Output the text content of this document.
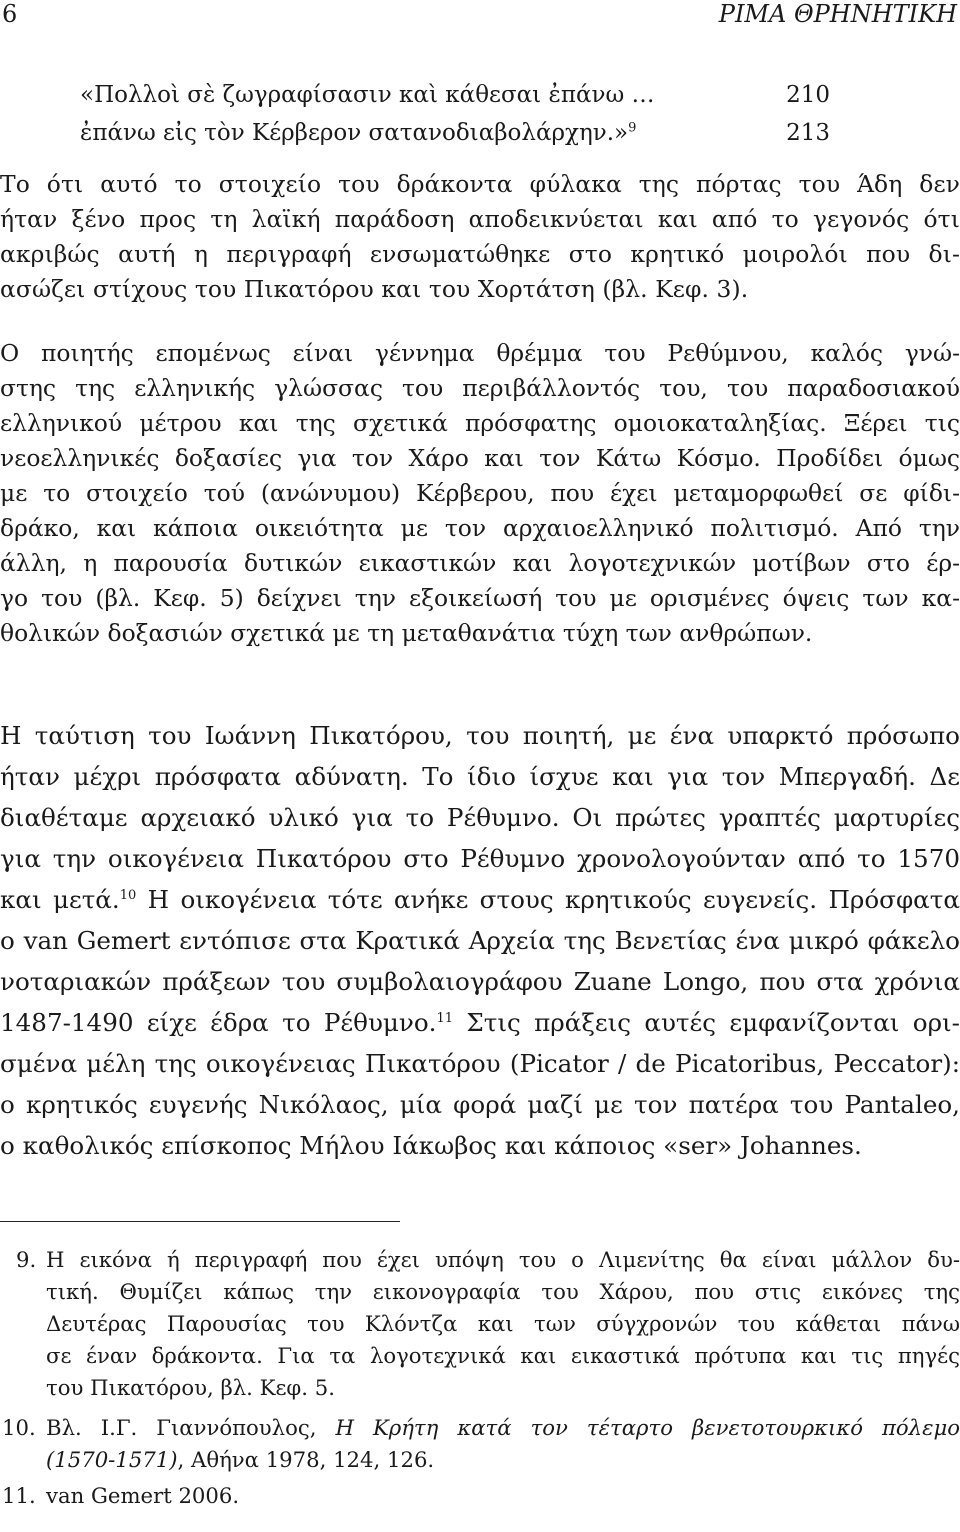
6	ΡΙΜΑ ΘΡΗΝΗΤΙΚΗ
«Πολλοὶ σὲ ζωγραφίσασιν καὶ κάθεσαι ἐπάνω …	210
ἐπάνω εἰς τὸν Κέρβερον σατανοδιαβολάρχην.»$^9$	213

Το ότι αυτό το στοιχείο του δράκοντα φύλακα της πόρτας του Άδη δεν

ήταν ξένο προς τη λαϊκή παράδοση αποδεικνύεται και από το γεγονός ότι

ακριβώς αυτή η περιγραφή ενσωματώθηκε στο κρητικό μοιρολόι που δι-

ασώζει στίχους του Πικατόρου και του Χορτάτση (βλ. Κεφ. 3).

Ο ποιητής επομένως είναι γέννημα θρέμμα του Ρεθύμνου, καλός γνώ-

στης της ελληνικής γλώσσας του περιβάλλοντός του, του παραδοσιακού

ελληνικού μέτρου και της σχετικά πρόσφατης ομοιοκαταληξίας. Ξέρει τις

νεοελληνικές δοξασίες για τον Χάρο και τον Κάτω Κόσμο. Προδίδει όμως

με το στοιχείο τού (ανώνυμου) Κέρβερου, που έχει μεταμορφωθεί σε φίδι-

δράκο, και κάποια οικειότητα με τον αρχαιοελληνικό πολιτισμό. Από την

άλλη, η παρουσία δυτικών εικαστικών και λογοτεχνικών μοτίβων στο έρ-

γο του (βλ. Κεφ. 5) δείχνει την εξοικείωσή του με ορισμένες όψεις των κα-

θολικών δοξασιών σχετικά με τη μεταθανάτια τύχη των ανθρώπων.

Η ταύτιση του Ιωάννη Πικατόρου, του ποιητή, με ένα υπαρκτό πρόσωπο

ήταν μέχρι πρόσφατα αδύνατη. Το ίδιο ίσχυε και για τον Μπεργαδή. Δε

διαθέταμε αρχειακό υλικό για το Ρέθυμνο. Οι πρώτες γραπτές μαρτυρίες

για την οικογένεια Πικατόρου στο Ρέθυμνο χρονολογούνταν από το 1570

και μετά.$^{10}$ Η οικογένεια τότε ανήκε στους κρητικούς ευγενείς. Πρόσφατα

ο van Gemert εντόπισε στα Κρατικά Αρχεία της Βενετίας ένα μικρό φάκελο

νοταριακών πράξεων του συμβολαιογράφου Zuane Longo, που στα χρόνια

1487-1490 είχε έδρα το Ρέθυμνο.$^{11}$ Στις πράξεις αυτές εμφανίζονται ορι-

σμένα μέλη της οικογένειας Πικατόρου (Picator / de Picatoribus, Peccator):

ο κρητικός ευγενής Νικόλαος, μία φορά μαζί με τον πατέρα του Pantaleo,

ο καθολικός επίσκοπος Μήλου Ιάκωβος και κάποιος «ser» Johannes.

9. Η εικόνα ή περιγραφή που έχει υπόψη του ο Λιμενίτης θα είναι μάλλον δυ-

τική. Θυμίζει κάπως την εικονογραφία του Χάρου, που στις εικόνες της

Δευτέρας Παρουσίας του Κλόντζα και των σύγχρονών του κάθεται πάνω

σε έναν δράκοντα. Για τα λογοτεχνικά και εικαστικά πρότυπα και τις πηγές

του Πικατόρου, βλ. Κεφ. 5.

10. Βλ. Ι.Γ. Γιαννόπουλος, Η Κρήτη κατά τον τέταρτο βενετοτουρκικό πόλεμο

(1570-1571), Αθήνα 1978, 124, 126.

11. van Gemert 2006.
